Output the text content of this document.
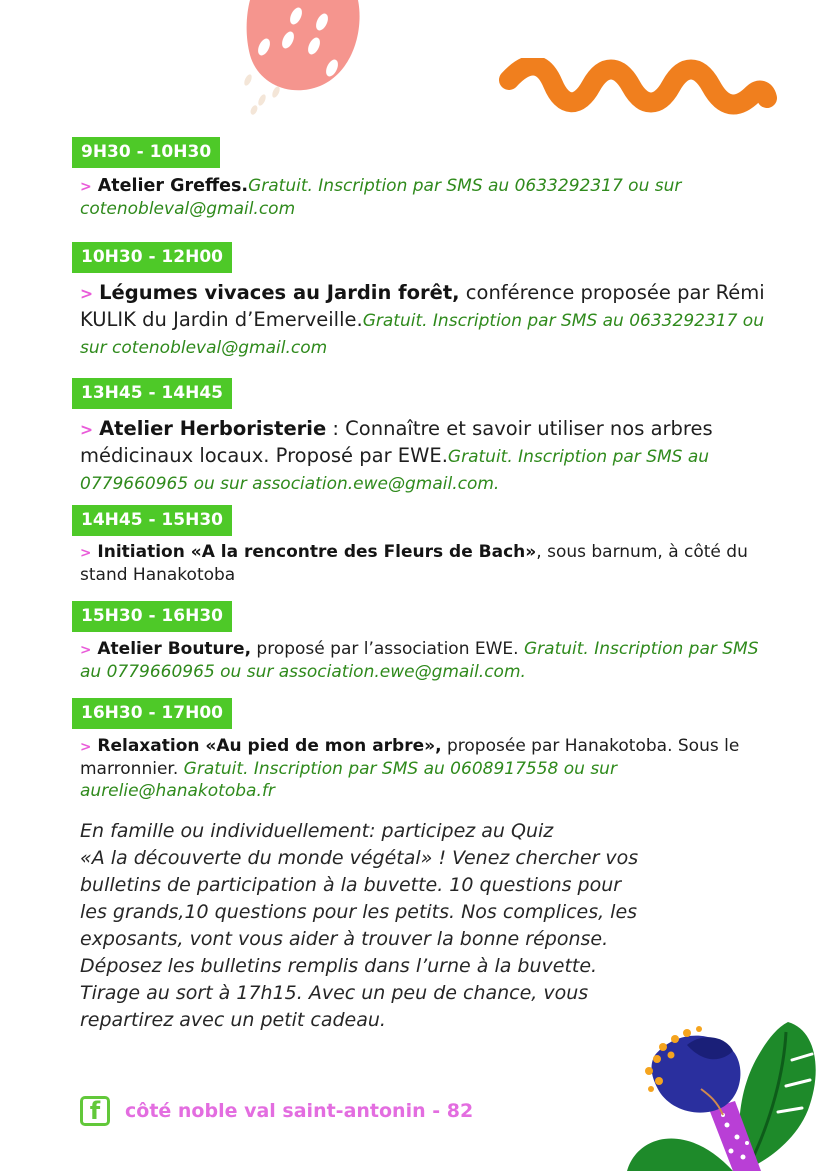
9H30 - 10H30
> Atelier Greffes.Gratuit. Inscription par SMS au 0633292317 ou sur cotenobleval@gmail.com
10H30 - 12H00
> Légumes vivaces au Jardin forêt, conférence proposée par Rémi KULIK du Jardin d’Emerveille.Gratuit. Inscription par SMS au 0633292317 ou sur cotenobleval@gmail.com
13H45 - 14H45
> Atelier Herboristerie : Connaître et savoir utiliser nos arbres médicinaux locaux. Proposé par EWE.Gratuit. Inscription par SMS au 0779660965 ou sur association.ewe@gmail.com.
14H45 - 15H30
> Initiation «A la rencontre des Fleurs de Bach», sous barnum, à côté du stand Hanakotoba
15H30 - 16H30
> Atelier Bouture, proposé par l’association EWE. Gratuit. Inscription par SMS au 0779660965 ou sur association.ewe@gmail.com.
16H30 - 17H00
> Relaxation «Au pied de mon arbre», proposée par Hanakotoba. Sous le marronnier. Gratuit. Inscription par SMS au 0608917558 ou sur aurelie@hanakotoba.fr
En famille ou individuellement: participez au Quiz
«A la découverte du monde végétal» ! Venez chercher vos
bulletins de participation à la buvette. 10 questions pour
les grands,10 questions pour les petits. Nos complices, les
exposants, vont vous aider à trouver la bonne réponse.
Déposez les bulletins remplis dans l’urne à la buvette.
Tirage au sort à 17h15. Avec un peu de chance, vous
repartirez avec un petit cadeau.
f côté noble val saint-antonin - 82
